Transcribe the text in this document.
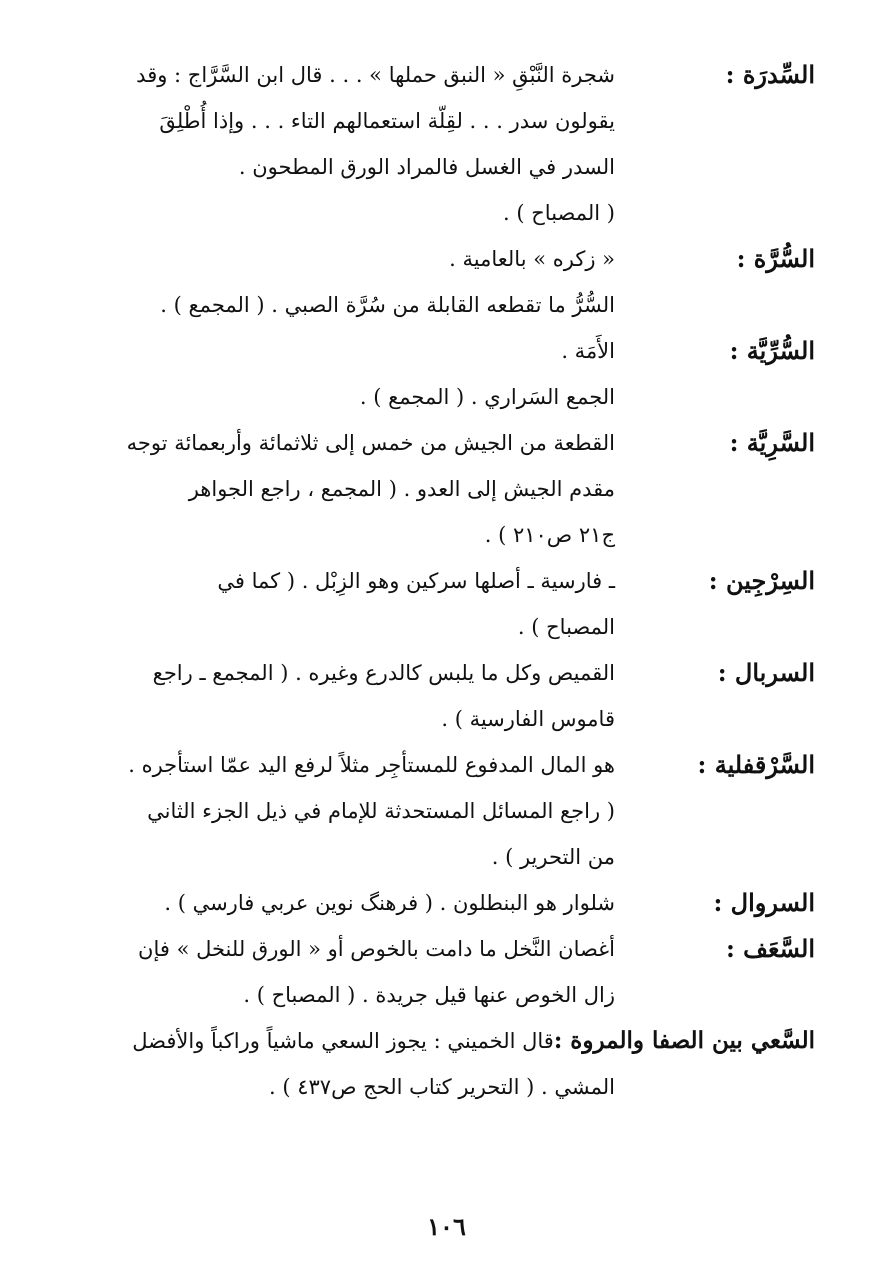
السِّدرَة :
شجرة النَّبْقِ « النبق حملها » . . . قال ابن السَّرَّاج : وقد
يقولون سدر . . . لقِلّة استعمالهم التاء . . . وإذا أُطْلِقَ
السدر في الغسل فالمراد الورق المطحون .
( المصباح ) .
السُّرَّة :
« زكره » بالعامية .
السُّرُّ ما تقطعه القابلة من سُرَّة الصبي . ( المجمع ) .
السُّرِّيَّة :
الأَمَة .
الجمع السَراري . ( المجمع ) .
السَّرِيَّة :
القطعة من الجيش من خمس إلى ثلاثمائة وأربعمائة توجه
مقدم الجيش إلى العدو . ( المجمع ، راجع الجواهر
ج٢١ ص٢١٠ ) .
السِرْجِين :
ـ فارسية ـ أصلها سركين وهو الزِبْل . ( كما في
المصباح ) .
السربال :
القميص وكل ما يلبس كالدرع وغيره . ( المجمع ـ راجع
قاموس الفارسية ) .
السَّرْقفلية :
هو المال المدفوع للمستأجِر مثلاً لرفع اليد عمّا استأجره .
( راجع المسائل المستحدثة للإمام في ذيل الجزء الثاني
من التحرير ) .
السروال :
شلوار هو البنطلون . ( فرهنگ نوين عربي فارسي ) .
السَّعَف :
أغصان النَّخل ما دامت بالخوص أو « الورق للنخل » فإن
زال الخوص عنها قيل جريدة . ( المصباح ) .
السَّعي بين الصفا والمروة :قال الخميني : يجوز السعي ماشياً وراكباً والأفضل
المشي . ( التحرير كتاب الحج ص٤٣٧ ) .
١٠٦
